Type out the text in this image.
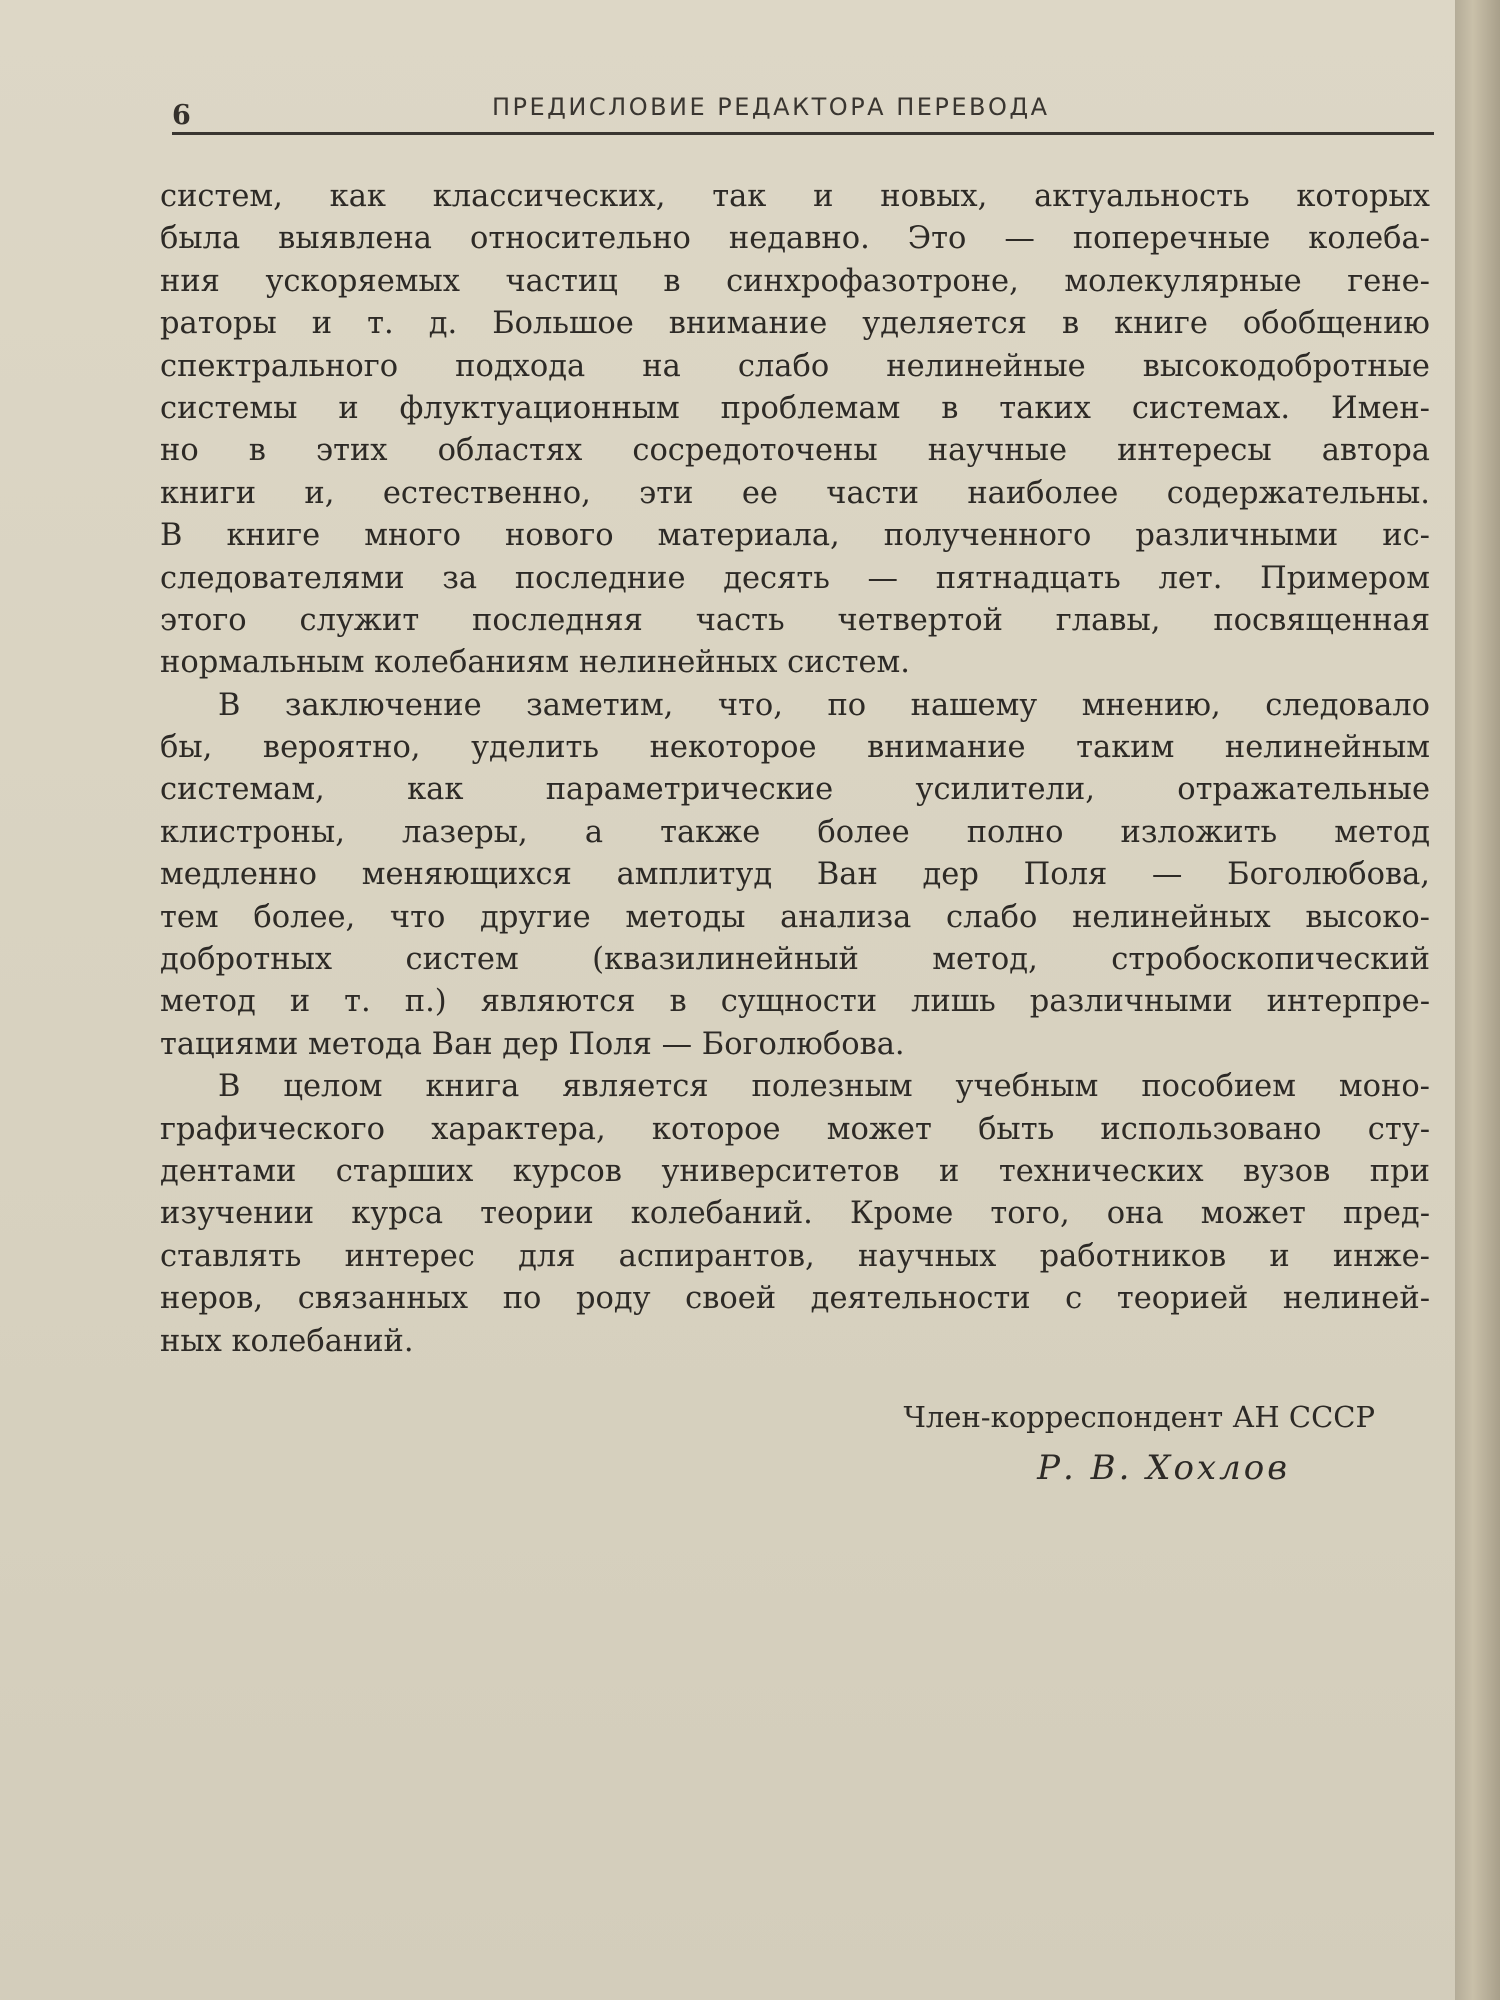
6	ПРЕДИСЛОВИЕ РЕДАКТОРА ПЕРЕВОДА
систем, как классических, так и новых, актуальность которых
была выявлена относительно недавно. Это — поперечные колеба-
ния ускоряемых частиц в синхрофазотроне, молекулярные гене-
раторы и т. д. Большое внимание уделяется в книге обобщению
спектрального подхода на слабо нелинейные высокодобротные
системы и флуктуационным проблемам в таких системах. Имен-
но в этих областях сосредоточены научные интересы автора
книги и, естественно, эти ее части наиболее содержательны.
В книге много нового материала, полученного различными ис-
следователями за последние десять — пятнадцать лет. Примером
этого служит последняя часть четвертой главы, посвященная
нормальным колебаниям нелинейных систем.
В заключение заметим, что, по нашему мнению, следовало
бы, вероятно, уделить некоторое внимание таким нелинейным
системам, как параметрические усилители, отражательные
клистроны, лазеры, а также более полно изложить метод
медленно меняющихся амплитуд Ван дер Поля — Боголюбова,
тем более, что другие методы анализа слабо нелинейных высоко-
добротных систем (квазилинейный метод, стробоскопический
метод и т. п.) являются в сущности лишь различными интерпре-
тациями метода Ван дер Поля — Боголюбова.
В целом книга является полезным учебным пособием моно-
графического характера, которое может быть использовано сту-
дентами старших курсов университетов и технических вузов при
изучении курса теории колебаний. Кроме того, она может пред-
ставлять интерес для аспирантов, научных работников и инже-
неров, связанных по роду своей деятельности с теорией нелиней-
ных колебаний.
Член-корреспондент АН СССР
Р. В. Хохлов
